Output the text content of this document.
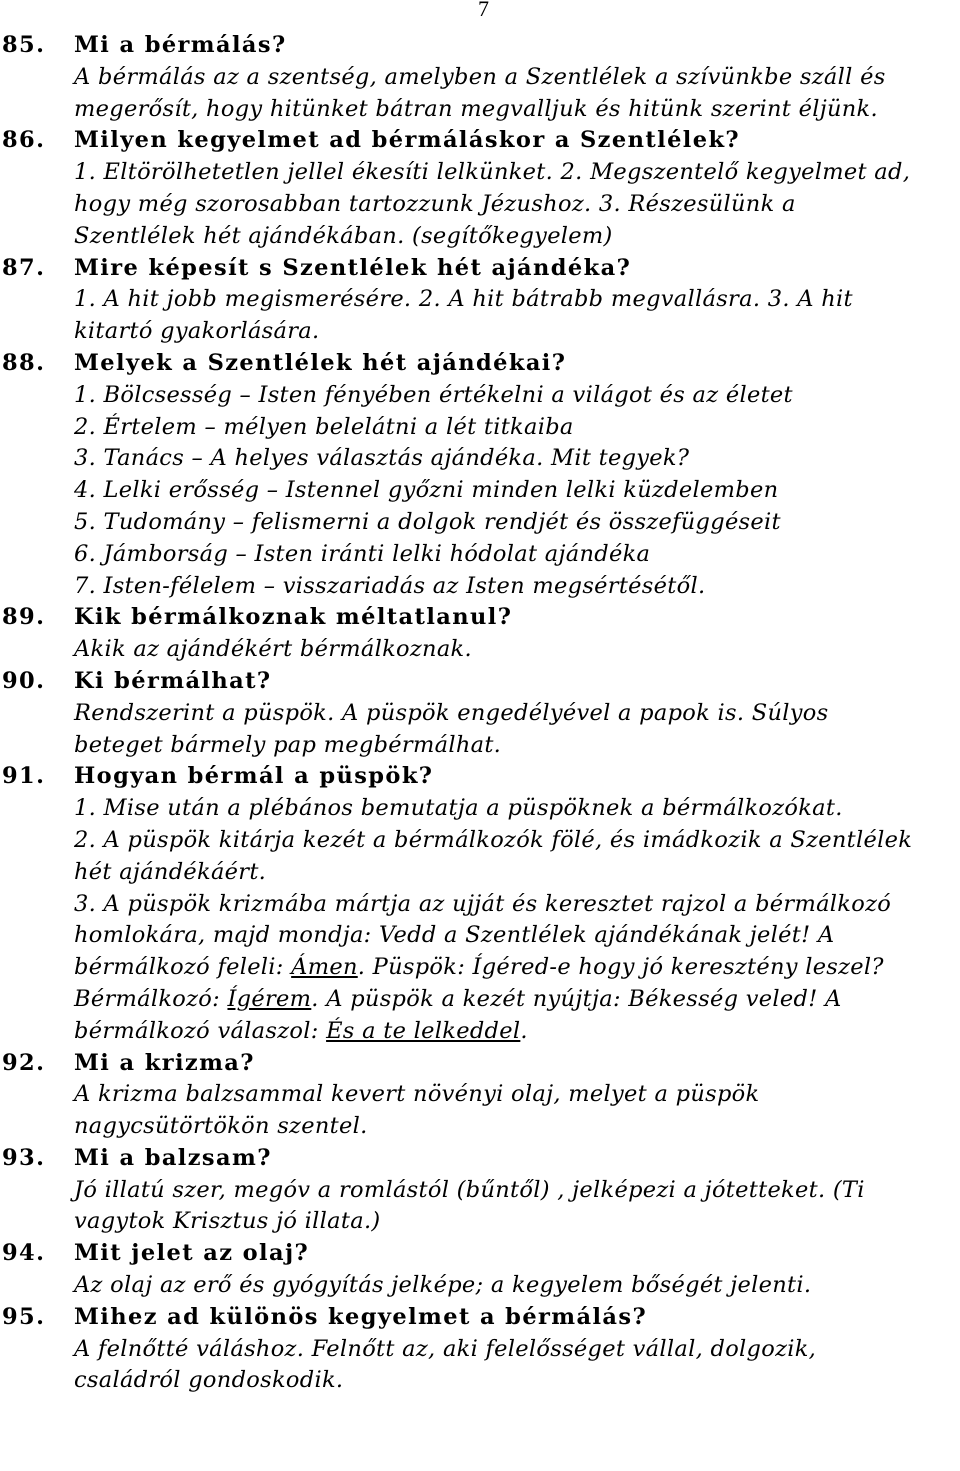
7
85. Mi a bérmálás?
A bérmálás az a szentség, amelyben a Szentlélek a szívünkbe száll és
megerősít, hogy hitünket bátran megvalljuk és hitünk szerint éljünk.
86. Milyen kegyelmet ad bérmáláskor a Szentlélek?
1. Eltörölhetetlen jellel ékesíti lelkünket. 2. Megszentelő kegyelmet ad,
hogy még szorosabban tartozzunk Jézushoz. 3. Részesülünk a
Szentlélek hét ajándékában. (segítőkegyelem)
87. Mire képesít s Szentlélek hét ajándéka?
1. A hit jobb megismerésére. 2. A hit bátrabb megvallásra. 3. A hit
kitartó gyakorlására.
88. Melyek a Szentlélek hét ajándékai?
1. Bölcsesség – Isten fényében értékelni a világot és az életet
2. Értelem – mélyen belelátni a lét titkaiba
3. Tanács – A helyes választás ajándéka. Mit tegyek?
4. Lelki erősség – Istennel győzni minden lelki küzdelemben
5. Tudomány – felismerni a dolgok rendjét és összefüggéseit
6. Jámborság – Isten iránti lelki hódolat ajándéka
7. Isten-félelem – visszariadás az Isten megsértésétől.
89. Kik bérmálkoznak méltatlanul?
Akik az ajándékért bérmálkoznak.
90. Ki bérmálhat?
Rendszerint a püspök. A püspök engedélyével a papok is. Súlyos
beteget bármely pap megbérmálhat.
91. Hogyan bérmál a püspök?
1. Mise után a plébános bemutatja a püspöknek a bérmálkozókat.
2. A püspök kitárja kezét a bérmálkozók fölé, és imádkozik a Szentlélek
hét ajándékáért.
3. A püspök krizmába mártja az ujját és keresztet rajzol a bérmálkozó
homlokára, majd mondja: Vedd a Szentlélek ajándékának jelét! A
bérmálkozó feleli: Ámen. Püspök: Ígéred-e hogy jó keresztény leszel?
Bérmálkozó: Ígérem. A püspök a kezét nyújtja: Békesség veled! A
bérmálkozó válaszol: És a te lelkeddel.
92. Mi a krizma?
A krizma balzsammal kevert növényi olaj, melyet a püspök
nagycsütörtökön szentel.
93. Mi a balzsam?
Jó illatú szer, megóv a romlástól (bűntől) , jelképezi a jótetteket. (Ti
vagytok Krisztus jó illata.)
94. Mit jelet az olaj?
Az olaj az erő és gyógyítás jelképe; a kegyelem bőségét jelenti.
95. Mihez ad különös kegyelmet a bérmálás?
A felnőtté váláshoz. Felnőtt az, aki felelősséget vállal, dolgozik,
családról gondoskodik.
